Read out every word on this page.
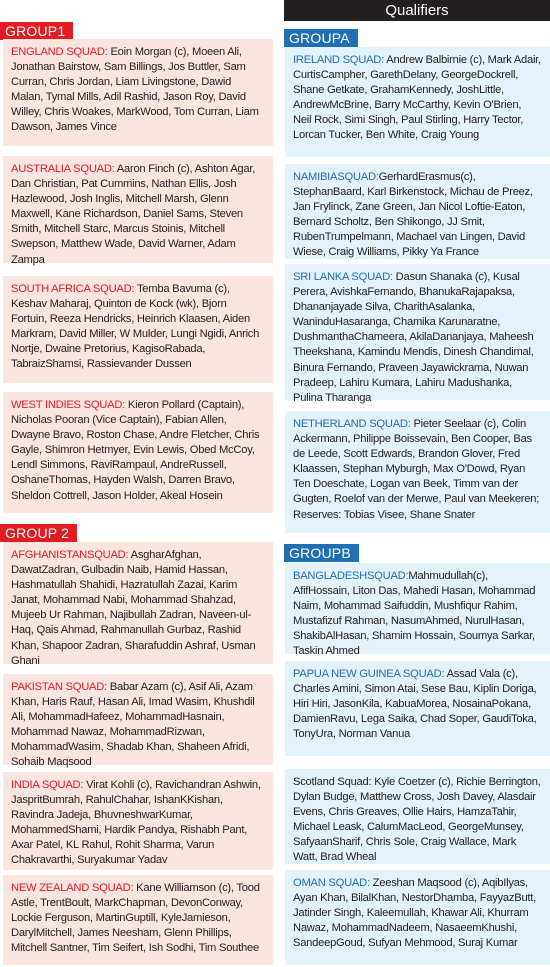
GROUP1
ENGLAND SQUAD: Eoin Morgan (c), Moeen Ali, Jonathan Bairstow, Sam Billings, Jos Buttler, Sam Curran, Chris Jordan, Liam Livingstone, Dawid Malan, Tymal Mills, Adil Rashid, Jason Roy, David Willey, Chris Woakes, MarkWood, Tom Curran, Liam Dawson, James Vince
AUSTRALIA SQUAD: Aaron Finch (c), Ashton Agar, Dan Christian, Pat Cummins, Nathan Ellis, Josh Hazlewood, Josh Inglis, Mitchell Marsh, Glenn Maxwell, Kane Richardson, Daniel Sams, Steven Smith, Mitchell Starc, Marcus Stoinis, Mitchell Swepson, Matthew Wade, David Warner, Adam Zampa
SOUTH AFRICA SQUAD: Temba Bavuma (c), Keshav Maharaj, Quinton de Kock (wk), Bjorn Fortuin, Reeza Hendricks, Heinrich Klaasen, Aiden Markram, David Miller, W Mulder, Lungi Ngidi, Anrich Nortje, Dwaine Pretorius, KagisoRabada, TabraizShamsi, Rassievander Dussen
WEST INDIES SQUAD: Kieron Pollard (Captain), Nicholas Pooran (Vice Captain), Fabian Allen, Dwayne Bravo, Roston Chase, Andre Fletcher, Chris Gayle, Shimron Hetmyer, Evin Lewis, Obed McCoy, Lendl Simmons, RaviRampaul, AndreRussell, OshaneThomas, Hayden Walsh, Darren Bravo, Sheldon Cottrell, Jason Holder, Akeal Hosein
GROUP 2
AFGHANISTANSQUAD: AsgharAfghan, DawatZadran, Gulbadin Naib, Hamid Hassan, Hashmatullah Shahidi, Hazratullah Zazai, Karim Janat, Mohammad Nabi, Mohammad Shahzad, Mujeeb Ur Rahman, Najibullah Zadran, Naveen-ul-Haq, Qais Ahmad, Rahmanullah Gurbaz, Rashid Khan, Shapoor Zadran, Sharafuddin Ashraf, Usman Ghani
PAKISTAN SQUAD: Babar Azam (c), Asif Ali, Azam Khan, Haris Rauf, Hasan Ali, Imad Wasim, Khushdil Ali, MohammadHafeez, MohammadHasnain, Mohammad Nawaz, MohammadRizwan, MohammadWasim, Shadab Khan, Shaheen Afridi, Sohaib Maqsood
INDIA SQUAD: Virat Kohli (c), Ravichandran Ashwin, JaspritBumrah, RahulChahar, IshanKKishan, Ravindra Jadeja, BhuvneshwarKumar, MohammedShami, Hardik Pandya, Rishabh Pant, Axar Patel, KL Rahul, Rohit Sharma, Varun Chakravarthi, Suryakumar Yadav
NEW ZEALAND SQUAD: Kane Williamson (c), Tood Astle, TrentBoult, MarkChapman, DevonConway, Lockie Ferguson, MartinGuptill, KyleJamieson, DarylMitchell, James Neesham, Glenn Phillips, Mitchell Santner, Tim Seifert, Ish Sodhi, Tim Southee
Qualifiers
GROUPA
IRELAND SQUAD: Andrew Balbirnie (c), Mark Adair, CurtisCampher, GarethDelany, GeorgeDockrell, Shane Getkate, GrahamKennedy, JoshLittle, AndrewMcBrine, Barry McCarthy, Kevin O'Brien, Neil Rock, Simi Singh, Paul Stirling, Harry Tector, Lorcan Tucker, Ben White, Craig Young
NAMIBIASQUAD:GerhardErasmus(c), StephanBaard, Karl Birkenstock, Michau de Preez, Jan Frylinck, Zane Green, Jan Nicol Loftie-Eaton, Bernard Scholtz, Ben Shikongo, JJ Smit, RubenTrumpelmann, Machael van Lingen, David Wiese, Craig Williams, Pikky Ya France
SRI LANKA SQUAD: Dasun Shanaka (c), Kusal Perera, AvishkaFernando, BhanukaRajapaksa, Dhananjayade Silva, CharithAsalanka, WaninduHasaranga, Chamika Karunaratne, DushmanthaChameera, AkilaDananjaya, Maheesh Theekshana, Kamindu Mendis, Dinesh Chandimal, Binura Fernando, Praveen Jayawickrama, Nuwan Pradeep, Lahiru Kumara, Lahiru Madushanka, Pulina Tharanga
NETHERLAND SQUAD: Pieter Seelaar (c), Colin Ackermann, Philippe Boissevain, Ben Cooper, Bas de Leede, Scott Edwards, Brandon Glover, Fred Klaassen, Stephan Myburgh, Max O'Dowd, Ryan Ten Doeschate, Logan van Beek, Timm van der Gugten, Roelof van der Merwe, Paul van Meekeren; Reserves: Tobias Visee, Shane Snater
GROUPB
BANGLADESHSQUAD:Mahmudullah(c), AfifHossain, Liton Das, Mahedi Hasan, Mohammad Naim, Mohammad Saifuddin, Mushfiqur Rahim, Mustafizuf Rahman, NasumAhmed, NurulHasan, ShakibAlHasan, Shamim Hossain, Soumya Sarkar, Taskin Ahmed
PAPUA NEW GUINEA SQUAD: Assad Vala (c), Charles Amini, Simon Atai, Sese Bau, Kiplin Doriga, Hiri Hiri, JasonKila, KabuaMorea, NosainaPokana, DamienRavu, Lega Saika, Chad Soper, GaudiToka, TonyUra, Norman Vanua
Scotland Squad: Kyle Coetzer (c), Richie Berrington, Dylan Budge, Matthew Cross, Josh Davey, Alasdair Evens, Chris Greaves, Ollie Hairs, HamzaTahir, Michael Leask, CalumMacLeod, GeorgeMunsey, SafyaanSharif, Chris Sole, Craig Wallace, Mark Watt, Brad Wheal
OMAN SQUAD: Zeeshan Maqsood (c), AqibIlyas, Ayan Khan, BilalKhan, NestorDhamba, FayyazButt, Jatinder Singh, Kaleemullah, Khawar Ali, Khurram Nawaz, MohammadNadeem, NasaeemKhushi, SandeepGoud, Sufyan Mehmood, Suraj Kumar
